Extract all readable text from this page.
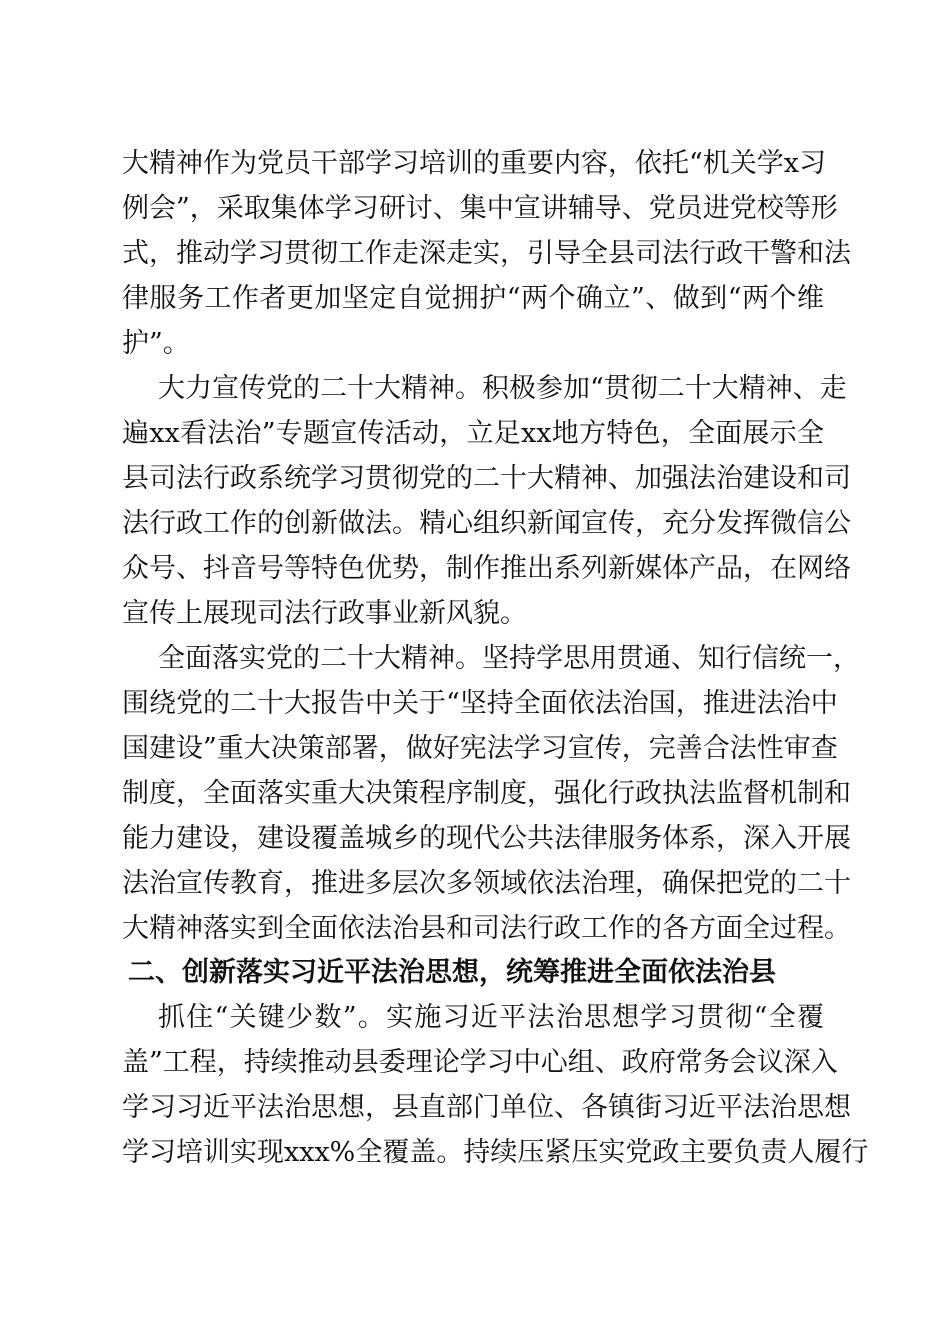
大精神作为党员干部学习培训的重要内容，依托“机关学x习
例会”，采取集体学习研讨、集中宣讲辅导、党员进党校等形
式，推动学习贯彻工作走深走实，引导全县司法行政干警和法
律服务工作者更加坚定自觉拥护“两个确立”、做到“两个维
护”。
大力宣传党的二十大精神。积极参加“贯彻二十大精神、走
遍xx看法治”专题宣传活动，立足xx地方特色，全面展示全
县司法行政系统学习贯彻党的二十大精神、加强法治建设和司
法行政工作的创新做法。精心组织新闻宣传，充分发挥微信公
众号、抖音号等特色优势，制作推出系列新媒体产品，在网络
宣传上展现司法行政事业新风貌。
全面落实党的二十大精神。坚持学思用贯通、知行信统一，
围绕党的二十大报告中关于“坚持全面依法治国，推进法治中
国建设”重大决策部署，做好宪法学习宣传，完善合法性审查
制度，全面落实重大决策程序制度，强化行政执法监督机制和
能力建设，建设覆盖城乡的现代公共法律服务体系，深入开展
法治宣传教育，推进多层次多领域依法治理，确保把党的二十
大精神落实到全面依法治县和司法行政工作的各方面全过程。
二、创新落实习近平法治思想，统筹推进全面依法治县
抓住“关键少数”。实施习近平法治思想学习贯彻“全覆
盖”工程，持续推动县委理论学习中心组、政府常务会议深入
学习习近平法治思想，县直部门单位、各镇街习近平法治思想
学习培训实现xxx%全覆盖。持续压紧压实党政主要负责人履行
